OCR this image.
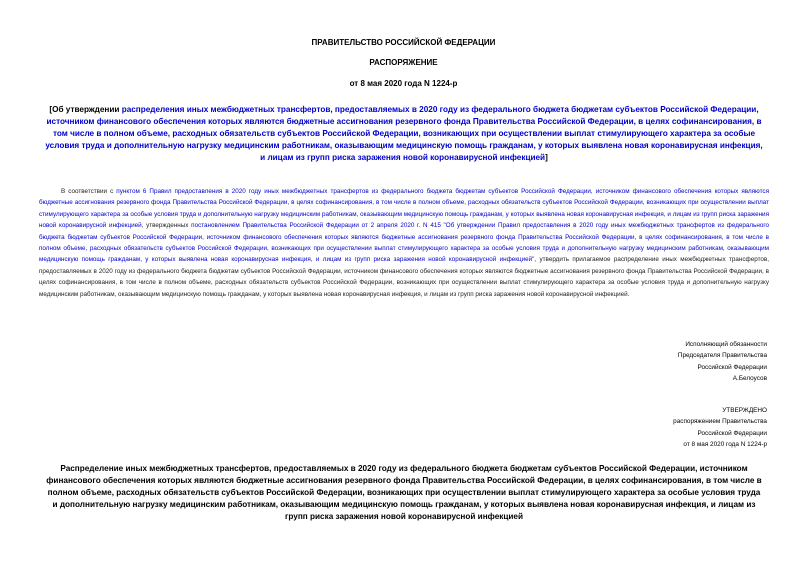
ПРАВИТЕЛЬСТВО РОССИЙСКОЙ ФЕДЕРАЦИИ
РАСПОРЯЖЕНИЕ
от 8 мая 2020 года N 1224-р
[Об утверждении распределения иных межбюджетных трансфертов, предоставляемых в 2020 году из федерального бюджета бюджетам субъектов Российской Федерации, источником финансового обеспечения которых являются бюджетные ассигнования резервного фонда Правительства Российской Федерации, в целях софинансирования, в том числе в полном объеме, расходных обязательств субъектов Российской Федерации, возникающих при осуществлении выплат стимулирующего характера за особые условия труда и дополнительную нагрузку медицинским работникам, оказывающим медицинскую помощь гражданам, у которых выявлена новая коронавирусная инфекция, и лицам из групп риска заражения новой коронавирусной инфекцией]
В соответствии с пунктом 6 Правил предоставления в 2020 году иных межбюджетных трансфертов из федерального бюджета бюджетам субъектов Российской Федерации, источником финансового обеспечения которых являются бюджетные ассигнования резервного фонда Правительства Российской Федерации, в целях софинансирования, в том числе в полном объеме, расходных обязательств субъектов Российской Федерации, возникающих при осуществлении выплат стимулирующего характера за особые условия труда и дополнительную нагрузку медицинским работникам, оказывающим медицинскую помощь гражданам, у которых выявлена новая коронавирусная инфекция, и лицам из групп риска заражения новой коронавирусной инфекцией, утвержденных постановлением Правительства Российской Федерации от 2 апреля 2020 г. N 415 "Об утверждении Правил предоставления в 2020 году иных межбюджетных трансфертов из федерального бюджета бюджетам субъектов Российской Федерации, источником финансового обеспечения которых являются бюджетные ассигнования резервного фонда Правительства Российской Федерации, в целях софинансирования, в том числе в полном объеме, расходных обязательств субъектов Российской Федерации, возникающих при осуществлении выплат стимулирующего характера за особые условия труда и дополнительную нагрузку медицинским работникам, оказывающим медицинскую помощь гражданам, у которых выявлена новая коронавирусная инфекция, и лицам из групп риска заражения новой коронавирусной инфекцией", утвердить прилагаемое распределение иных межбюджетных трансфертов, предоставляемых в 2020 году из федерального бюджета бюджетам субъектов Российской Федерации, источником финансового обеспечения которых являются бюджетные ассигнования резервного фонда Правительства Российской Федерации, в целях софинансирования, в том числе в полном объеме, расходных обязательств субъектов Российской Федерации, возникающих при осуществлении выплат стимулирующего характера за особые условия труда и дополнительную нагрузку медицинским работникам, оказывающим медицинскую помощь гражданам, у которых выявлена новая коронавирусная инфекция, и лицам из групп риска заражения новой коронавирусной инфекцией.
Исполняющий обязанности
Председателя Правительства
Российской Федерации
А.Белоусов
УТВЕРЖДЕНО
распоряжением Правительства
Российской Федерации
от 8 мая 2020 года N 1224-р
Распределение иных межбюджетных трансфертов, предоставляемых в 2020 году из федерального бюджета бюджетам субъектов Российской Федерации, источником финансового обеспечения которых являются бюджетные ассигнования резервного фонда Правительства Российской Федерации, в целях софинансирования, в том числе в полном объеме, расходных обязательств субъектов Российской Федерации, возникающих при осуществлении выплат стимулирующего характера за особые условия труда и дополнительную нагрузку медицинским работникам, оказывающим медицинскую помощь гражданам, у которых выявлена новая коронавирусная инфекция, и лицам из групп риска заражения новой коронавирусной инфекцией
